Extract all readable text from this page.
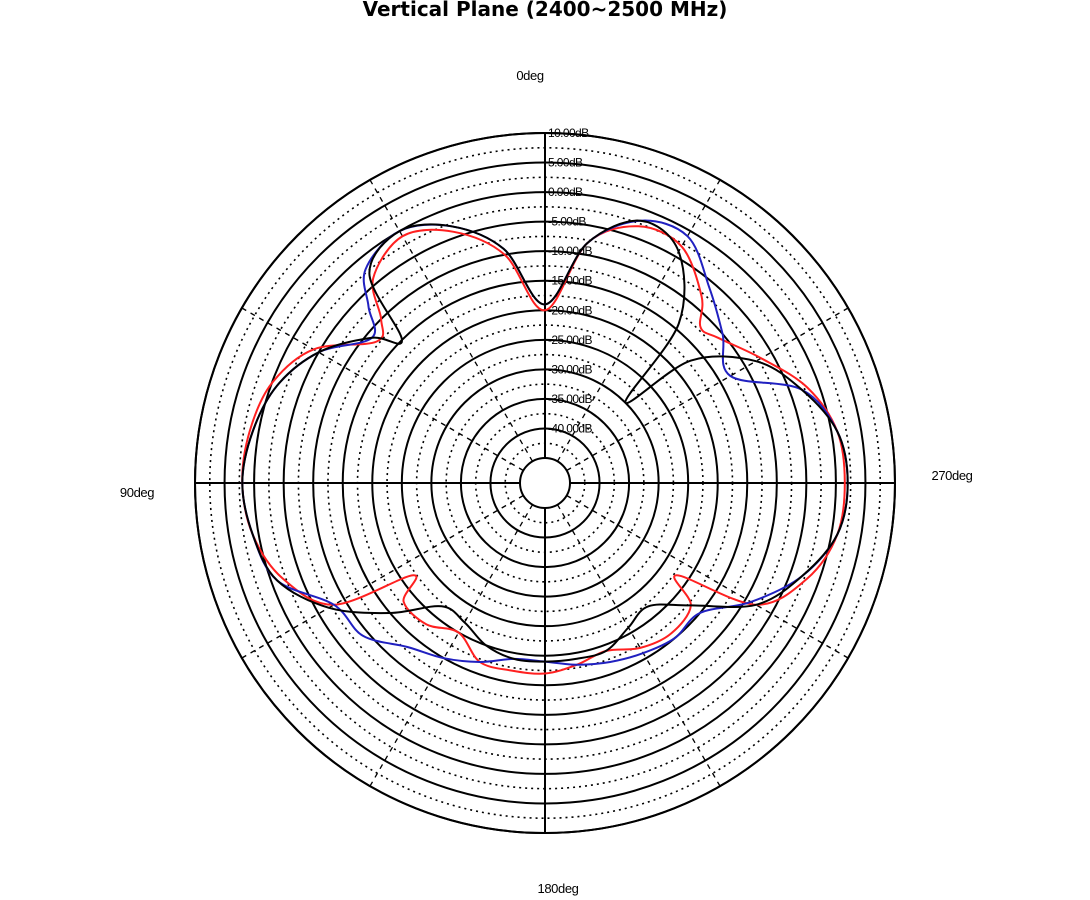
Vertical Plane (2400~2500 MHz)
10.00dB
5.00dB
0.00dB
-5.00dB
-10.00dB
-15.00dB
-20.00dB
-25.00dB
-30.00dB
-35.00dB
-40.00dB
0deg
90deg
180deg
270deg
